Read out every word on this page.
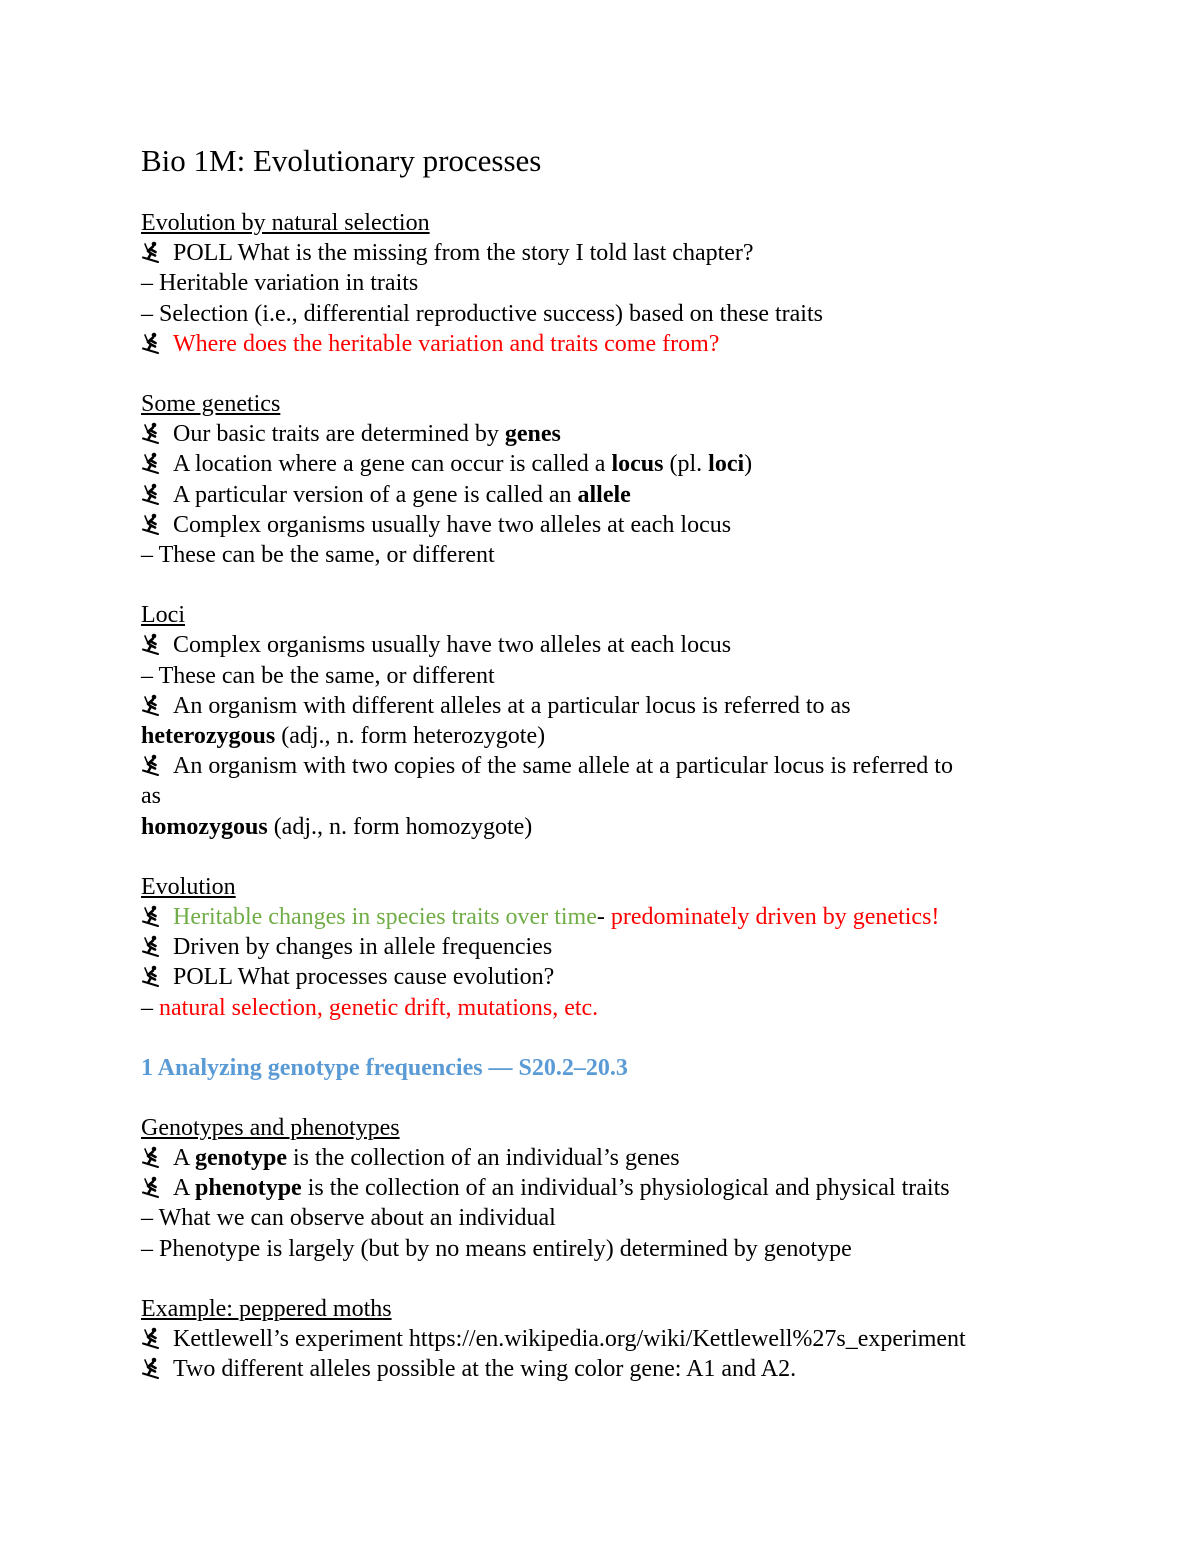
Bio 1M: Evolutionary processes
Evolution by natural selection
POLL What is the missing from the story I told last chapter?
– Heritable variation in traits
– Selection (i.e., differential reproductive success) based on these traits
Where does the heritable variation and traits come from?
Some genetics
Our basic traits are determined by genes
A location where a gene can occur is called a locus (pl. loci)
A particular version of a gene is called an allele
Complex organisms usually have two alleles at each locus
– These can be the same, or different
Loci
Complex organisms usually have two alleles at each locus
– These can be the same, or different
An organism with different alleles at a particular locus is referred to as
heterozygous (adj., n. form heterozygote)
An organism with two copies of the same allele at a particular locus is referred to
as
homozygous (adj., n. form homozygote)
Evolution
Heritable changes in species traits over time- predominately driven by genetics!
Driven by changes in allele frequencies
POLL What processes cause evolution?
– natural selection, genetic drift, mutations, etc.
1 Analyzing genotype frequencies — S20.2–20.3
Genotypes and phenotypes
A genotype is the collection of an individual’s genes
A phenotype is the collection of an individual’s physiological and physical traits
– What we can observe about an individual
– Phenotype is largely (but by no means entirely) determined by genotype
Example: peppered moths
Kettlewell’s experiment https://en.wikipedia.org/wiki/Kettlewell%27s_experiment
Two different alleles possible at the wing color gene: A1 and A2.
